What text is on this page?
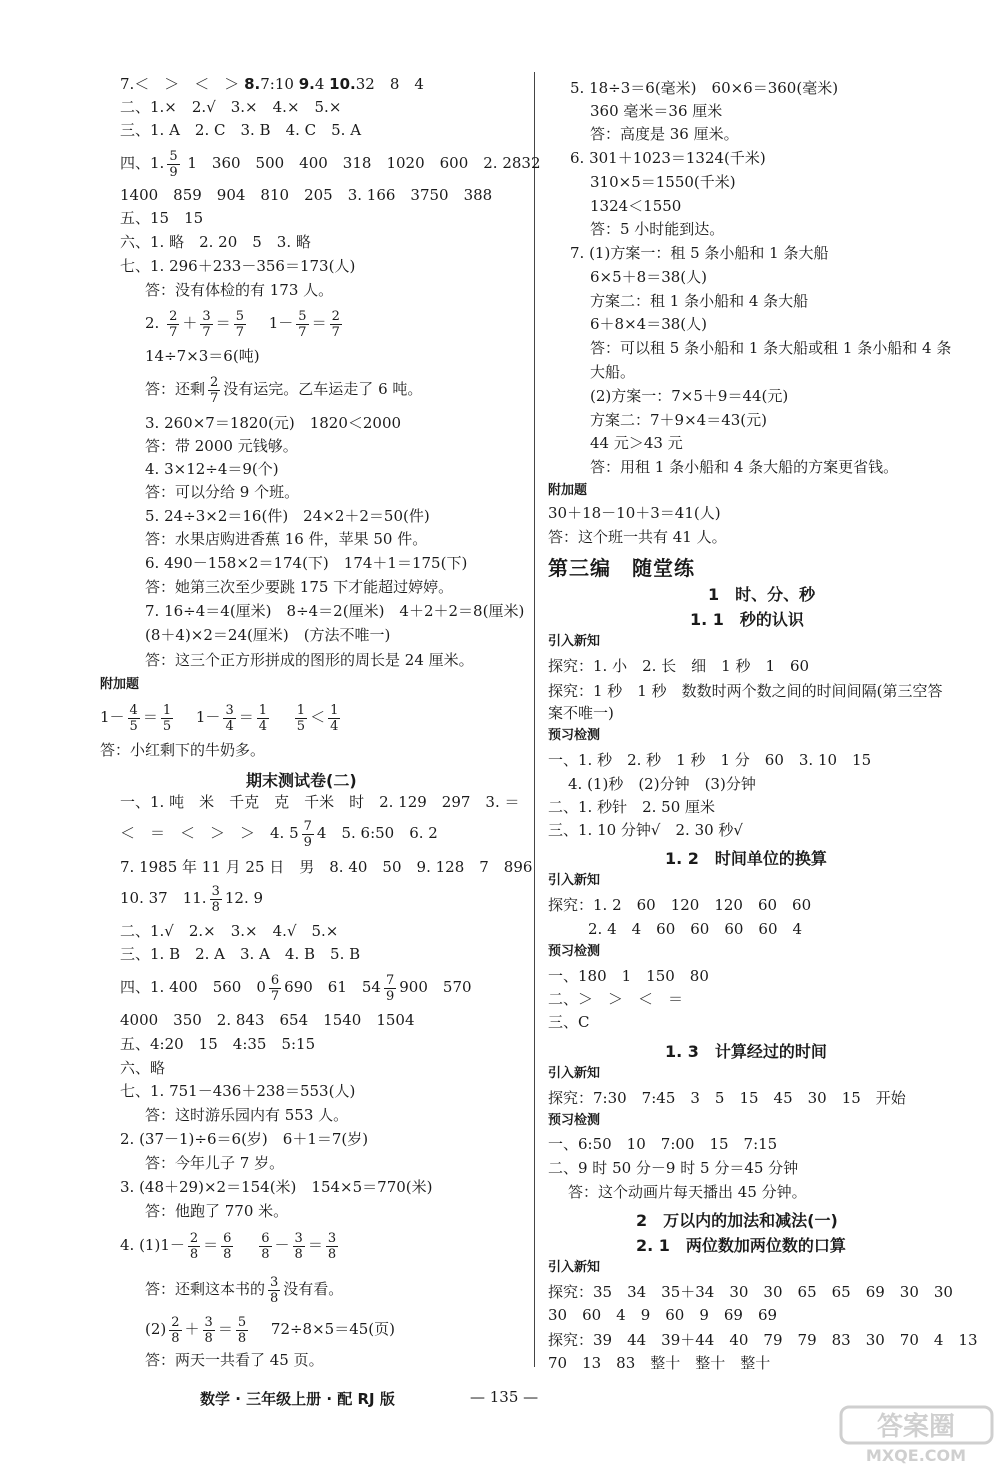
7.＜　＞　＜　＞ 8.7:10 9.4 10.32　8　4
二、1.×　2.√　3.×　4.×　5.×
三、1. A　2. C　3. B　4. C　5. A
四、1. $\frac{5}{9} 1$　360　500　400　318　1020　600　2. 2832
1400　859　904　810　205　3. 166　3750　388
五、15　15
六、1. 略　2. 20　5　3. 略
七、1. 296＋233－356＝173(人)
答：没有体检的有 173 人。
2. $\frac{2}{7} + \frac{3}{7} = \frac{5}{7}$ 　$1- \frac{5}{7} = \frac{2}{7}$
14÷7×3＝6(吨)
答：还剩 $\frac{2}{7}$ 没有运完。乙车运走了 6 吨。
3. 260×7＝1820(元)　1820＜2000
答：带 2000 元钱够。
4. 3×12÷4＝9(个)
答：可以分给 9 个班。
5. 24÷3×2＝16(件)　24×2＋2＝50(件)
答：水果店购进香蕉 16 件，苹果 50 件。
6. 490－158×2＝174(下)　174＋1＝175(下)
答：她第三次至少要跳 175 下才能超过婷婷。
7. 16÷4＝4(厘米)　8÷4＝2(厘米)　4＋2＋2＝8(厘米)
(8＋4)×2＝24(厘米)　(方法不唯一)
答：这三个正方形拼成的图形的周长是 24 厘米。
附加题
$1- \frac{4}{5} = \frac{1}{5}$ 　$1- \frac{3}{4} = \frac{1}{4}$
　 $\frac{1}{5} < \frac{1}{4}$
答：小红剩下的牛奶多。
期末测试卷(二)
一、1. 吨　米　千克　克　千米　时　2. 129　297　3. ＝
＜　＝　＜　＞　＞　4. $5 \frac{7}{9} 4$　5. 6:50　6. 2
7. 1985 年 11 月 25 日　男　8. 40　50　9. 128　7　896
10. 37　11. $\frac{3}{8} 12$. 9
二、1.√　2.×　3.×　4.√　5.×
三、1. B　2. A　3. A　4. B　5. B
四、1. 400　560　$0 \frac{6}{7} 690$　61　$54 \frac{7}{9} 900$　570
4000　350　2. 843　654　1540　1504
五、4:20　15　4:35　5:15
六、略
七、1. 751－436＋238＝553(人)
答：这时游乐园内有 553 人。
2. (37－1)÷6＝6(岁)　6＋1＝7(岁)
答：今年儿子 7 岁。
3. (48＋29)×2＝154(米)　154×5＝770(米)
答：他跑了 770 米。
4. $(1)1- \frac{2}{8} = \frac{6}{8}$
　 $\frac{6}{8} - \frac{3}{8} = \frac{3}{8}$
答：还剩这本书的 $\frac{3}{8}$ 没有看。
$(2) \frac{2}{8} + \frac{3}{8} = \frac{5}{8}$
　 72÷8×5＝45(页)
答：两天一共看了 45 页。
5. 18÷3＝6(毫米)　60×6＝360(毫米)
360 毫米＝36 厘米
答：高度是 36 厘米。
6. 301＋1023＝1324(千米)
310×5＝1550(千米)
1324＜1550
答：5 小时能到达。
7. (1)方案一：租 5 条小船和 1 条大船
6×5＋8＝38(人)
方案二：租 1 条小船和 4 条大船
6＋8×4＝38(人)
答：可以租 5 条小船和 1 条大船或租 1 条小船和 4 条
大船。
(2)方案一：7×5＋9＝44(元)
方案二：7＋9×4＝43(元)
44 元＞43 元
答：用租 1 条小船和 4 条大船的方案更省钱。
附加题
30＋18－10＋3＝41(人)
答：这个班一共有 41 人。
第三编　随堂练
1　时、分、秒
1. 1　秒的认识
引入新知
探究：1. 小　2. 长　细　1 秒　1　60
探究：1 秒　1 秒　数数时两个数之间的时间间隔(第三空答
案不唯一)
预习检测
一、1. 秒　2. 秒　1 秒　1 分　60　3. 10　15
4. (1)秒　(2)分钟　(3)分钟
二、1. 秒针　2. 50 厘米
三、1. 10 分钟√　2. 30 秒√
1. 2　时间单位的换算
引入新知
探究：1. 2　60　120　120　60　60
2. 4　4　60　60　60　60　4
预习检测
一、180　1　150　80
二、＞　＞　＜　＝
三、C
1. 3　计算经过的时间
引入新知
探究：7:30　7:45　3　5　15　45　30　15　开始
预习检测
一、6:50　10　7:00　15　7:15
二、9 时 50 分－9 时 5 分＝45 分钟
答：这个动画片每天播出 45 分钟。
2　万以内的加法和减法(一)
2. 1　两位数加两位数的口算
引入新知
探究：35　34　35＋34　30　30　65　65　69　30　30
30　60　4　9　60　9　69　69
探究：39　44　39＋44　40　79　79　83　30　70　4　13
70　13　83　整十　整十　整十
数学 · 三年级上册 · 配 RJ 版	— 135 —
答案圈
MXQE.COM
